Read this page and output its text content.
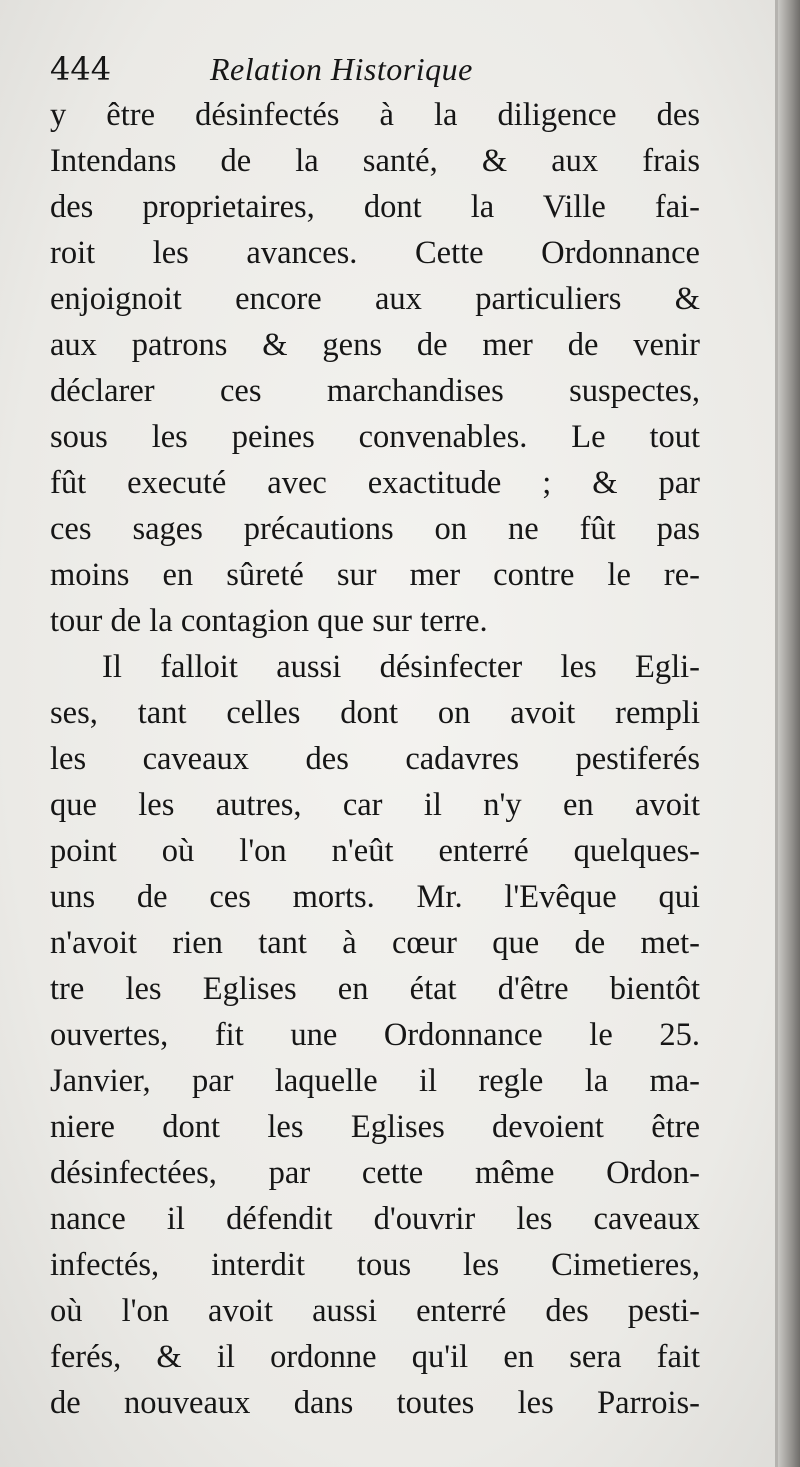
444	Relation Historique
y être désinfectés à la diligence des
Intendans de la santé, & aux frais
des proprietaires, dont la Ville fai-
roit les avances. Cette Ordonnance
enjoignoit encore aux particuliers &
aux patrons & gens de mer de venir
déclarer ces marchandises suspectes,
sous les peines convenables. Le tout
fût executé avec exactitude ; & par
ces sages précautions on ne fût pas
moins en sûreté sur mer contre le re-
tour de la contagion que sur terre.
Il falloit aussi désinfecter les Egli-
ses, tant celles dont on avoit rempli
les caveaux des cadavres pestiferés
que les autres, car il n'y en avoit
point où l'on n'eût enterré quelques-
uns de ces morts. Mr. l'Evêque qui
n'avoit rien tant à cœur que de met-
tre les Eglises en état d'être bientôt
ouvertes, fit une Ordonnance le 25.
Janvier, par laquelle il regle la ma-
niere dont les Eglises devoient être
désinfectées, par cette même Ordon-
nance il défendit d'ouvrir les caveaux
infectés, interdit tous les Cimetieres,
où l'on avoit aussi enterré des pesti-
ferés, & il ordonne qu'il en sera fait
de nouveaux dans toutes les Parrois-
